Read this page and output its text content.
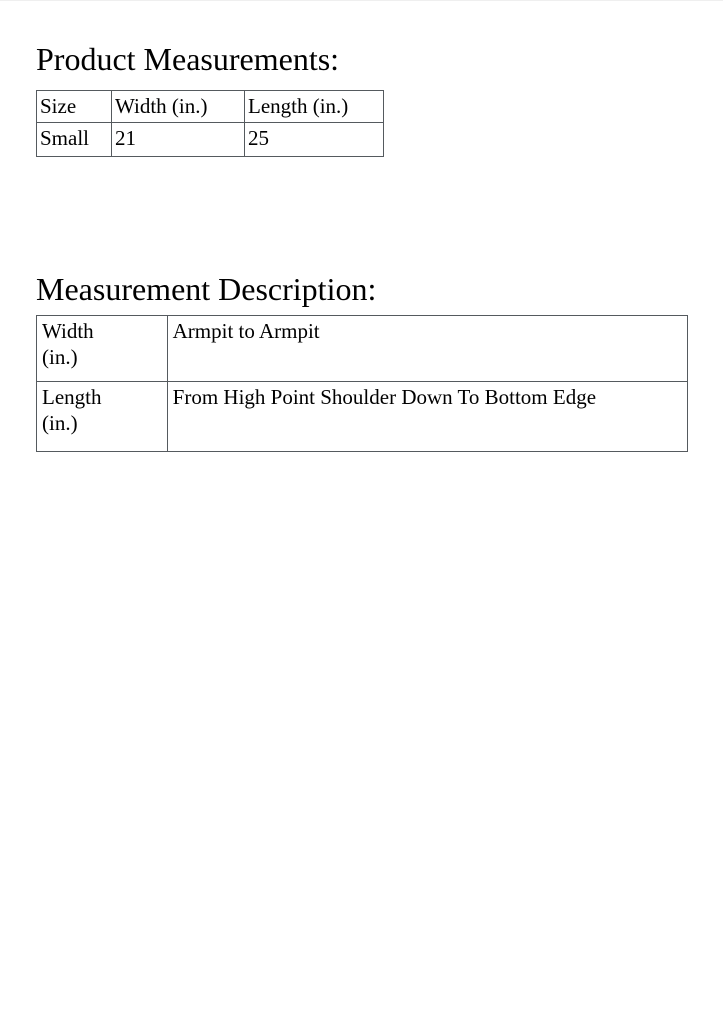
Product Measurements:
Size	Width (in.)	Length (in.)
Small	21	25
Measurement Description:
Width
(in.)	Armpit to Armpit

Length
(in.)	From High Point Shoulder Down To Bottom Edge
